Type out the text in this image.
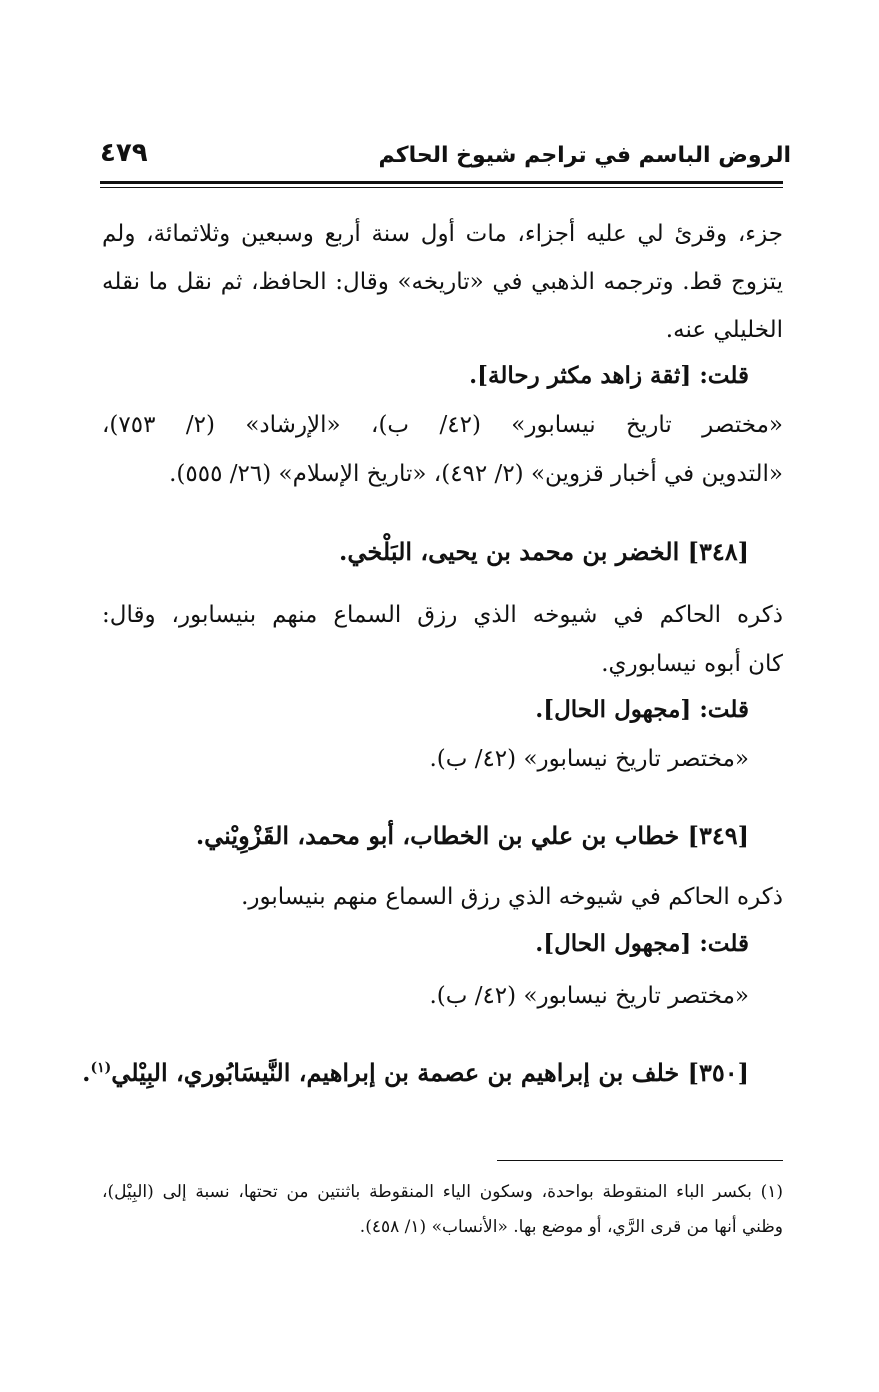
الروض الباسم في تراجم شيوخ الحاكم
٤٧٩
جزء، وقرئ لي عليه أجزاء، مات أول سنة أربع وسبعين وثلاثمائة، ولم
يتزوج قط. وترجمه الذهبي في «تاريخه» وقال: الحافظ، ثم نقل ما نقله
الخليلي عنه.
قلت: [ثقة زاهد مكثر رحالة].
«مختصر تاريخ نيسابور» (٤٢/ ب)، «الإرشاد» (٢/ ٧٥٣)،
«التدوين في أخبار قزوين» (٢/ ٤٩٢)، «تاريخ الإسلام» (٢٦/ ٥٥٥).
[٣٤٨] الخضر بن محمد بن يحيى، البَلْخي.
ذكره الحاكم في شيوخه الذي رزق السماع منهم بنيسابور، وقال:
كان أبوه نيسابوري.
قلت: [مجهول الحال].
«مختصر تاريخ نيسابور» (٤٢/ ب).
[٣٤٩] خطاب بن علي بن الخطاب، أبو محمد، القَزْوِيْني.
ذكره الحاكم في شيوخه الذي رزق السماع منهم بنيسابور.
قلت: [مجهول الحال].
«مختصر تاريخ نيسابور» (٤٢/ ب).
[٣٥٠] خلف بن إبراهيم بن عصمة بن إبراهيم، النَّيسَابُوري، البِيْلي$^{(١)}$.
(١) بكسر الباء المنقوطة بواحدة، وسكون الياء المنقوطة باثنتين من تحتها، نسبة إلى (البِيْل)،
وظني أنها من قرى الرَّي، أو موضع بها. «الأنساب» (١/ ٤٥٨).
